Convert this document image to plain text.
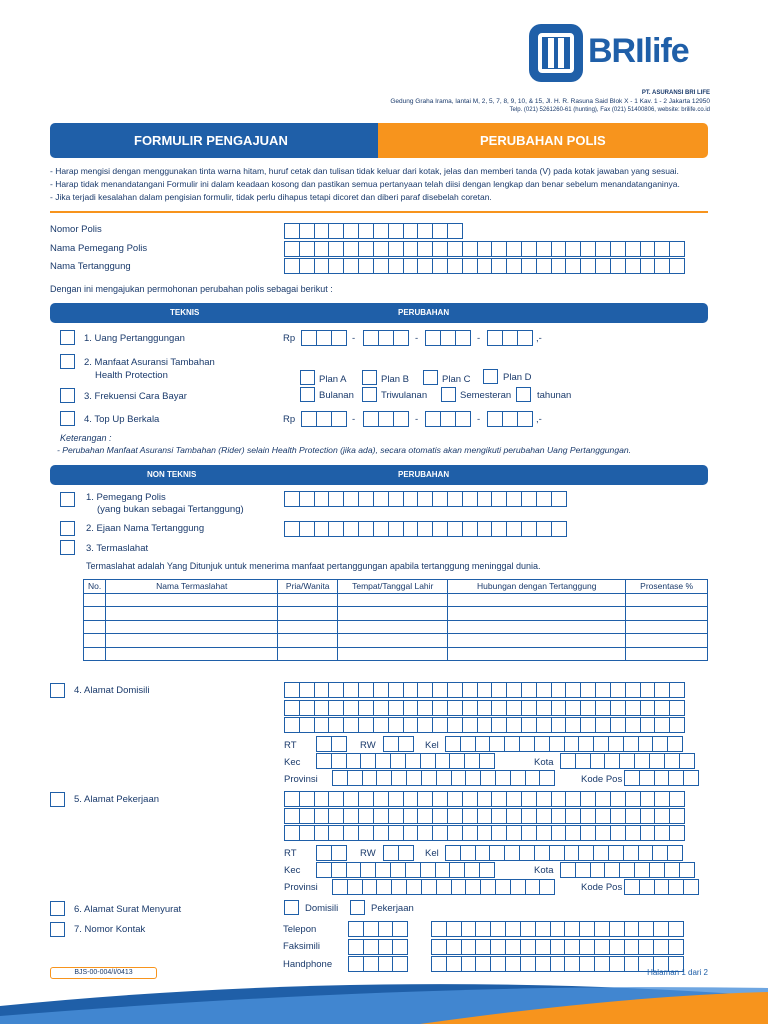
BRIlife
PT. ASURANSI BRI LIFE
Gedung Graha Irama, lantai M, 2, 5, 7, 8, 9, 10, & 15, Jl. H. R. Rasuna Said Blok X - 1 Kav. 1 - 2 Jakarta 12950
Telp. (021) 5261260-61 (hunting), Fax (021) 51400806, website: brilife.co.id
FORMULIR PENGAJUAN	PERUBAHAN POLIS
- Harap mengisi dengan menggunakan tinta warna hitam, huruf cetak dan tulisan tidak keluar dari kotak, jelas dan memberi tanda (V) pada kotak jawaban yang sesuai.
- Harap tidak menandatangani Formulir ini dalam keadaan kosong dan pastikan semua pertanyaan telah diisi dengan lengkap dan benar sebelum menandatanganinya.
- Jika terjadi kesalahan dalam pengisian formulir, tidak perlu dihapus tetapi dicoret dan diberi paraf disebelah coretan.
Nomor Polis
Nama Pemegang Polis
Nama Tertanggung
Dengan ini mengajukan permohonan perubahan polis sebagai berikut :
TEKNIS	PERUBAHAN
1. Uang Pertanggungan	Rp	-	-	-	,-
2. Manfaat Asuransi Tambahan
Health Protection	Plan A	Plan B	Plan C	Plan D
3. Frekuensi Cara Bayar	Bulanan	Triwulanan	Semesteran	tahunan
4. Top Up Berkala	Rp	-	-	-	,-
Keterangan :
- Perubahan Manfaat Asuransi Tambahan (Rider) selain Health Protection (jika ada), secara otomatis akan mengikuti perubahan Uang Pertanggungan.
NON TEKNIS	PERUBAHAN
1. Pemegang Polis
(yang bukan sebagai Tertanggung)
2. Ejaan Nama Tertanggung
3. Termaslahat
Termaslahat adalah Yang Ditunjuk untuk menerima manfaat pertanggungan apabila tertanggung meninggal dunia.
No.	Nama Termaslahat	Pria/Wanita	Tempat/Tanggal Lahir	Hubungan dengan Tertanggung	Prosentase %

4. Alamat Domisili
RT	RW	Kel
Kec	Kota
Provinsi	Kode Pos
5. Alamat Pekerjaan
RT	RW	Kel
Kec	Kota
Provinsi	Kode Pos
6. Alamat Surat Menyurat	Domisili	Pekerjaan
7. Nomor Kontak	Telepon
Faksimili
Handphone
BJS-00-004/I/0413	Halaman 1 dari 2
